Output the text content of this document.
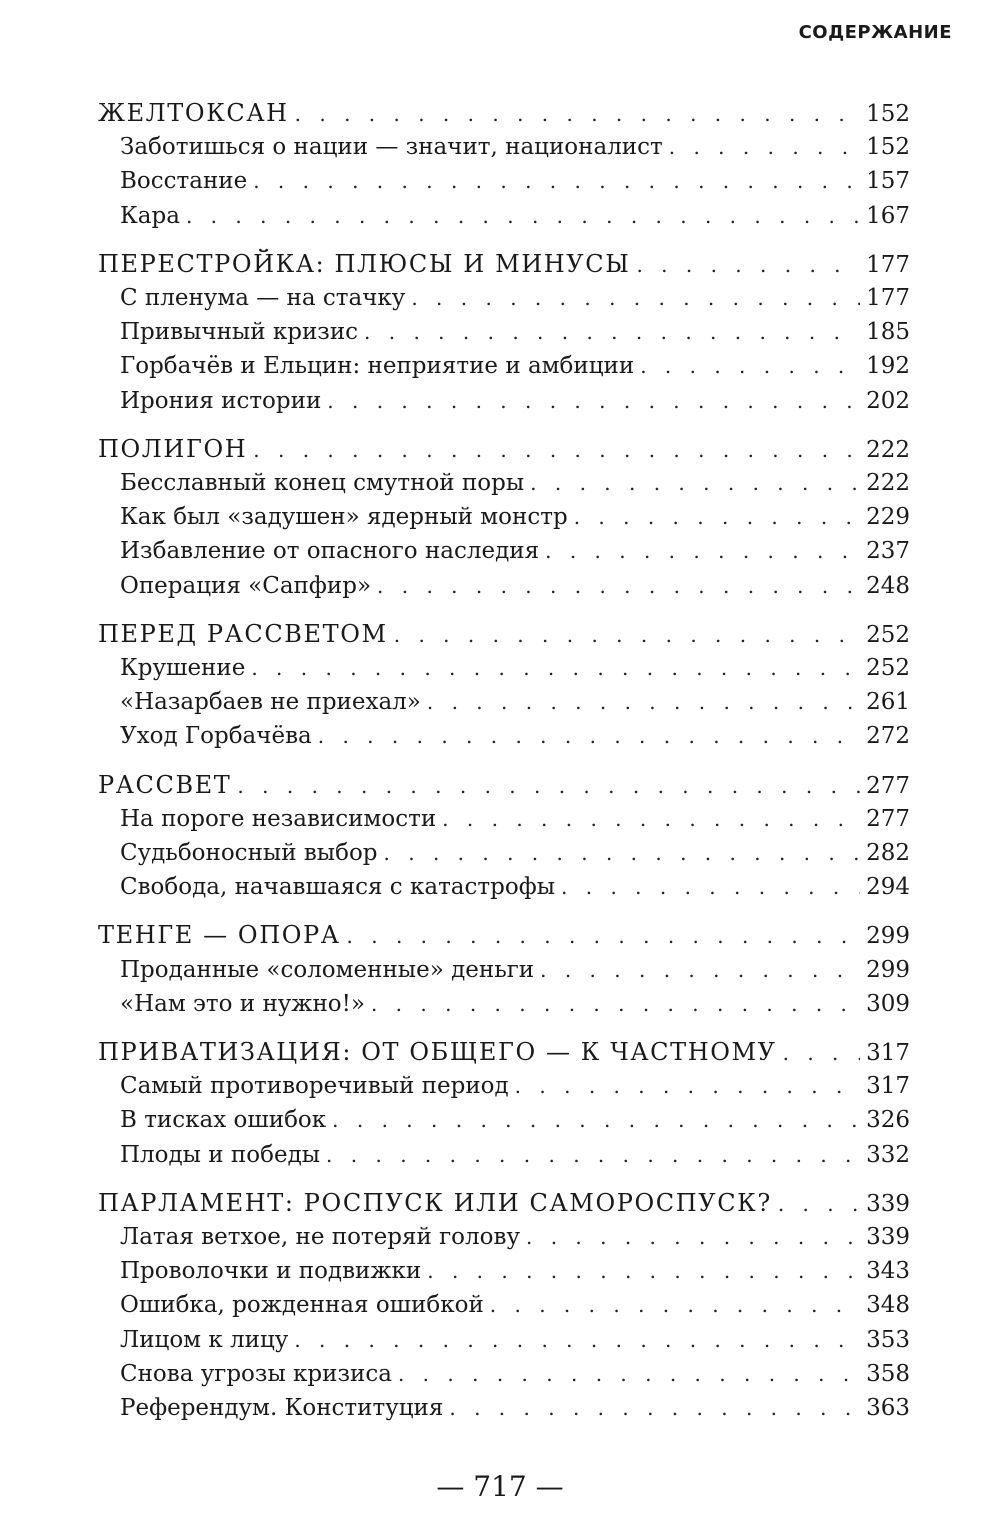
СОДЕРЖАНИЕ
ЖЕЛТОКСАН . . .	152
Заботишься о нации — значит, националист . . .	152
Восстание . . .	157
Кара . . .	167
ПЕРЕСТРОЙКА: ПЛЮСЫ И МИНУСЫ . . .	177
С пленума — на стачку . . .	177
Привычный кризис . . .	185
Горбачёв и Ельцин: неприятие и амбиции . . .	192
Ирония истории . . .	202
ПОЛИГОН . . .	222
Бесславный конец смутной поры . . .	222
Как был «задушен» ядерный монстр . . .	229
Избавление от опасного наследия . . .	237
Операция «Сапфир» . . .	248
ПЕРЕД РАССВЕТОМ . . .	252
Крушение . . .	252
«Назарбаев не приехал» . . .	261
Уход Горбачёва . . .	272
РАССВЕТ . . .	277
На пороге независимости . . .	277
Судьбоносный выбор . . .	282
Свобода, начавшаяся с катастрофы . . .	294
ТЕНГЕ — ОПОРА . . .	299
Проданные «соломенные» деньги . . .	299
«Нам это и нужно!» . . .	309
ПРИВАТИЗАЦИЯ: ОТ ОБЩЕГО — К ЧАСТНОМУ . . .	317
Самый противоречивый период . . .	317
В тисках ошибок . . .	326
Плоды и победы . . .	332
ПАРЛАМЕНТ: РОСПУСК ИЛИ САМОРОСПУСК? . . .	339
Латая ветхое, не потеряй голову . . .	339
Проволочки и подвижки . . .	343
Ошибка, рожденная ошибкой . . .	348
Лицом к лицу . . .	353
Снова угрозы кризиса . . .	358
Референдум. Конституция . . .	363
— 717 —
